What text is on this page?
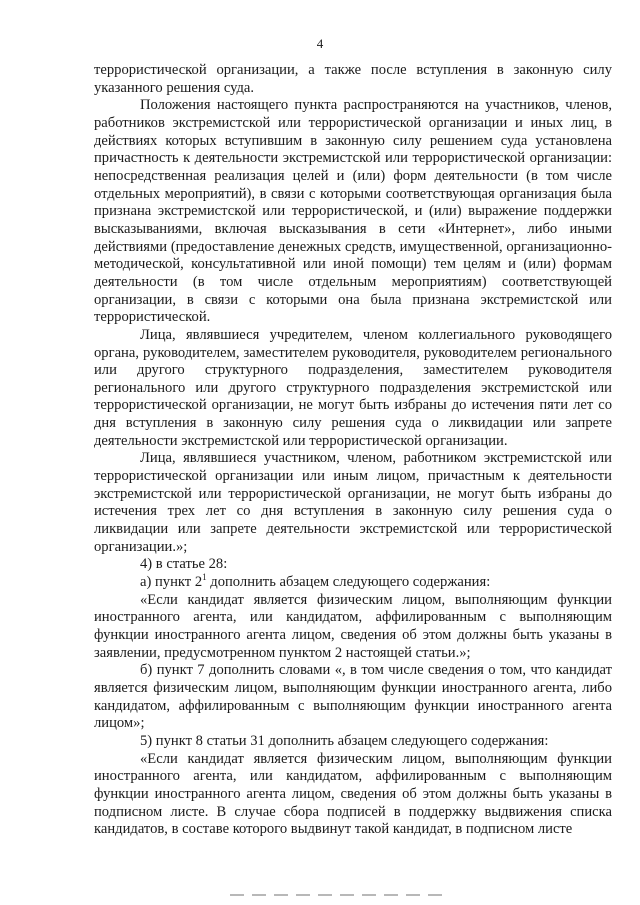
4

террористической организации, а также после вступления в законную силу указанного решения суда.

Положения настоящего пункта распространяются на участников, членов, работников экстремистской или террористической организации и иных лиц, в действиях которых вступившим в законную силу решением суда установлена причастность к деятельности экстремистской или террористической организации: непосредственная реализация целей и (или) форм деятельности (в том числе отдельных мероприятий), в связи с которыми соответствующая организация была признана экстремистской или террористической, и (или) выражение поддержки высказываниями, включая высказывания в сети «Интернет», либо иными действиями (предоставление денежных средств, имущественной, организационно-методической, консультативной или иной помощи) тем целям и (или) формам деятельности (в том числе отдельным мероприятиям) соответствующей организации, в связи с которыми она была признана экстремистской или террористической.

Лица, являвшиеся учредителем, членом коллегиального руководящего органа, руководителем, заместителем руководителя, руководителем регионального или другого структурного подразделения, заместителем руководителя регионального или другого структурного подразделения экстремистской или террористической организации, не могут быть избраны до истечения пяти лет со дня вступления в законную силу решения суда о ликвидации или запрете деятельности экстремистской или террористической организации.

Лица, являвшиеся участником, членом, работником экстремистской или террористической организации или иным лицом, причастным к деятельности экстремистской или террористической организации, не могут быть избраны до истечения трех лет со дня вступления в законную силу решения суда о ликвидации или запрете деятельности экстремистской или террористической организации.»;

4) в статье 28:

а) пункт $2^1$ дополнить абзацем следующего содержания:

«Если кандидат является физическим лицом, выполняющим функции иностранного агента, или кандидатом, аффилированным с выполняющим функции иностранного агента лицом, сведения об этом должны быть указаны в заявлении, предусмотренном пунктом 2 настоящей статьи.»;

б) пункт 7 дополнить словами «, в том числе сведения о том, что кандидат является физическим лицом, выполняющим функции иностранного агента, либо кандидатом, аффилированным с выполняющим функции иностранного агента лицом»;

5) пункт 8 статьи 31 дополнить абзацем следующего содержания:

«Если кандидат является физическим лицом, выполняющим функции иностранного агента, или кандидатом, аффилированным с выполняющим функции иностранного агента лицом, сведения об этом должны быть указаны в подписном листе. В случае сбора подписей в поддержку выдвижения списка кандидатов, в составе которого выдвинут такой кандидат, в подписном листе
